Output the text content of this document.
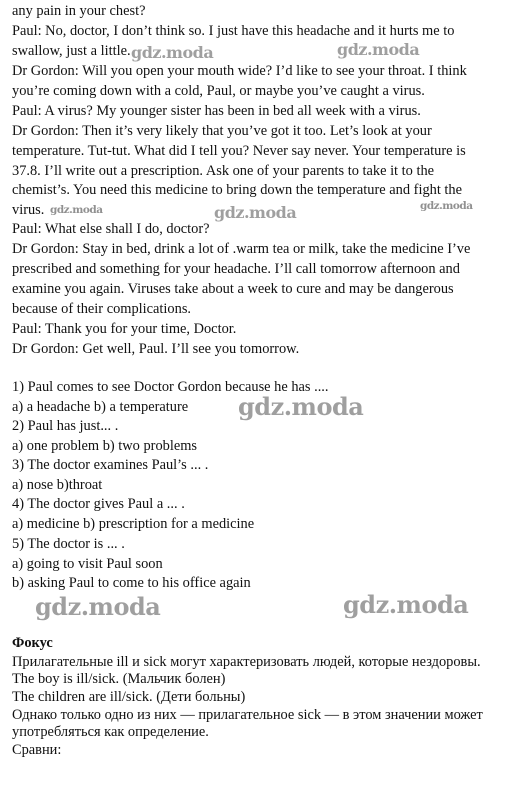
any pain in your chest?
Paul: No, doctor, I don’t think so. I just have this headache and it hurts me to
swallow, just a little.
Dr Gordon: Will you open your mouth wide? I’d like to see your throat. I think
you’re coming down with a cold, Paul, or maybe you’ve caught a virus.
Paul: A virus? My younger sister has been in bed all week with a virus.
Dr Gordon: Then it’s very likely that you’ve got it too. Let’s look at your
temperature. Tut-tut. What did I tell you? Never say never. Your temperature is
37.8. I’ll write out a prescription. Ask one of your parents to take it to the
chemist’s. You need this medicine to bring down the temperature and fight the
virus.
Paul: What else shall I do, doctor?
Dr Gordon: Stay in bed, drink a lot of .warm tea or milk, take the medicine I’ve
prescribed and something for your headache. I’ll call tomorrow afternoon and
examine you again. Viruses take about a week to cure and may be dangerous
because of their complications.
Paul: Thank you for your time, Doctor.
Dr Gordon: Get well, Paul. I’ll see you tomorrow.
1) Paul comes to see Doctor Gordon because he has ....
a) a headache b) a temperature
2) Paul has just... .
a) one problem b) two problems
3) The doctor examines Paul’s ... .
a) nose b)throat
4) The doctor gives Paul a ... .
a) medicine b) prescription for a medicine
5) The doctor is ... .
a) going to visit Paul soon
b) asking Paul to come to his office again
Фокус
Прилагательные ill и sick могут характеризовать людей, которые нездоровы.
The boy is ill/sick. (Мальчик болен)
The children are ill/sick. (Дети больны)
Однако только одно из них — прилагательное sick — в этом значении может
употребляться как определение.
Сравни:
gdz.moda	gdz.moda
gdz.moda	gdz.moda	gdz.moda
gdz.moda
gdz.moda	gdz.moda
